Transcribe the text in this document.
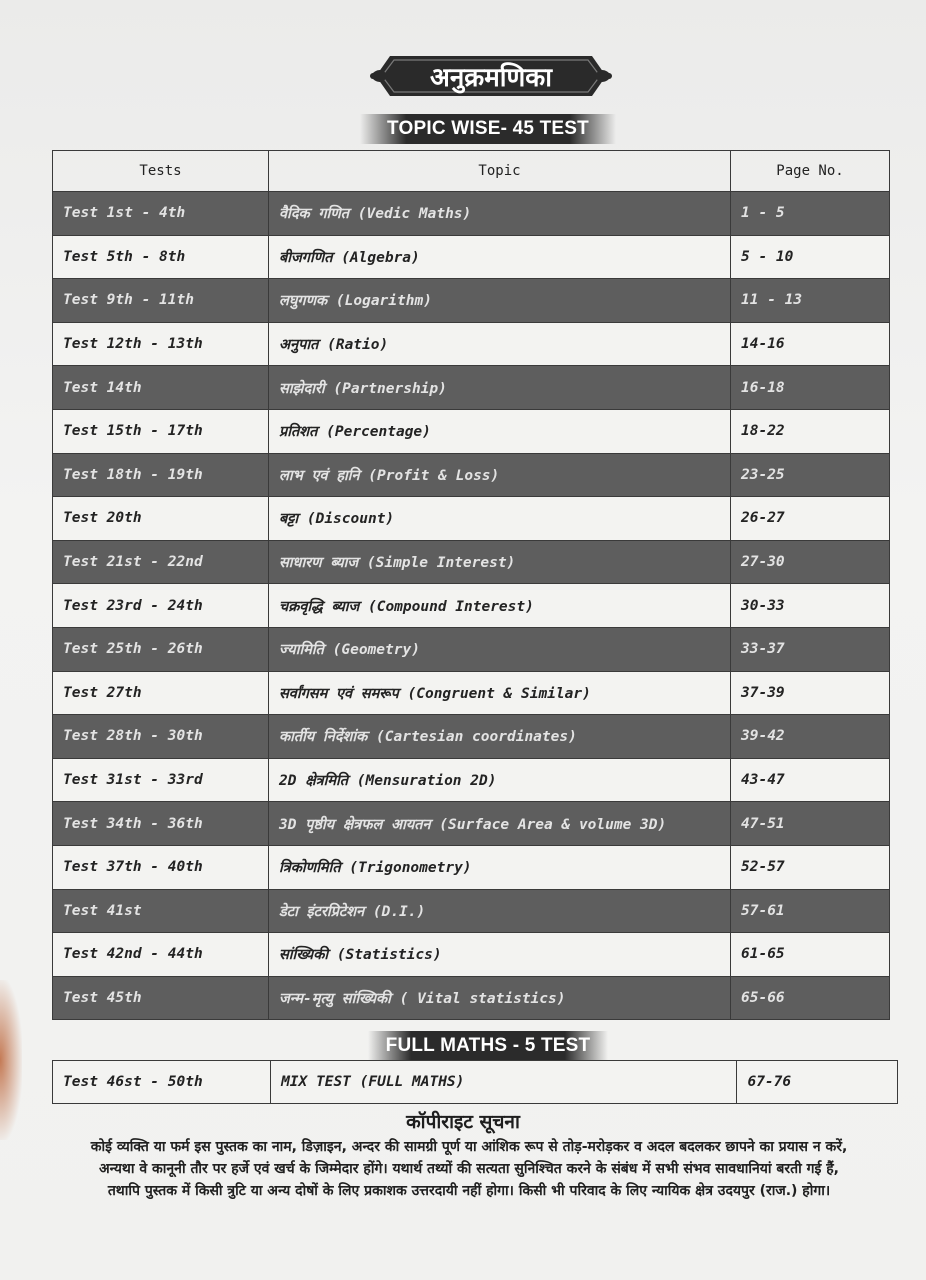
अनुक्रमणिका
TOPIC WISE- 45 TEST
Tests	Topic	Page No.
Test 1st - 4th	वैदिक गणित (Vedic Maths)	1 - 5
Test 5th - 8th	बीजगणित (Algebra)	5 - 10
Test 9th - 11th	लघुगणक (Logarithm)	11 - 13
Test 12th - 13th	अनुपात (Ratio)	14-16
Test 14th	साझेदारी (Partnership)	16-18
Test 15th - 17th	प्रतिशत (Percentage)	18-22
Test 18th - 19th	लाभ एवं हानि (Profit & Loss)	23-25
Test 20th	बट्टा (Discount)	26-27
Test 21st - 22nd	साधारण ब्याज (Simple Interest)	27-30
Test 23rd - 24th	चक्रवृद्धि ब्याज (Compound Interest)	30-33
Test 25th - 26th	ज्यामिति (Geometry)	33-37
Test 27th	सर्वांगसम एवं समरूप (Congruent & Similar)	37-39
Test 28th - 30th	कार्तीय निर्देशांक (Cartesian coordinates)	39-42
Test 31st - 33rd	2D क्षेत्रमिति (Mensuration 2D)	43-47
Test 34th - 36th	3D पृष्ठीय क्षेत्रफल आयतन (Surface Area & volume 3D)	47-51
Test 37th - 40th	त्रिकोणमिति (Trigonometry)	52-57
Test 41st	डेटा इंटरप्रिटेशन (D.I.)	57-61
Test 42nd - 44th	सांख्यिकी (Statistics)	61-65
Test 45th	जन्म-मृत्यु सांख्यिकी ( Vital statistics)	65-66
FULL MATHS - 5 TEST
Test 46st - 50th	MIX TEST (FULL MATHS)	67-76
कॉपीराइट सूचना
कोई व्यक्ति या फर्म इस पुस्तक का नाम, डिज़ाइन, अन्दर की सामग्री पूर्ण या आंशिक रूप से तोड़-मरोड़कर व अदल बदलकर छापने का प्रयास न करें,
अन्यथा वे कानूनी तौर पर हर्जे एवं खर्च के जिम्मेदार होंगे। यथार्थ तथ्यों की सत्यता सुनिश्चित करने के संबंध में सभी संभव सावधानियां बरती गई हैं,
तथापि पुस्तक में किसी त्रुटि या अन्य दोषों के लिए प्रकाशक उत्तरदायी नहीं होगा। किसी भी परिवाद के लिए न्यायिक क्षेत्र उदयपुर (राज.) होगा।
